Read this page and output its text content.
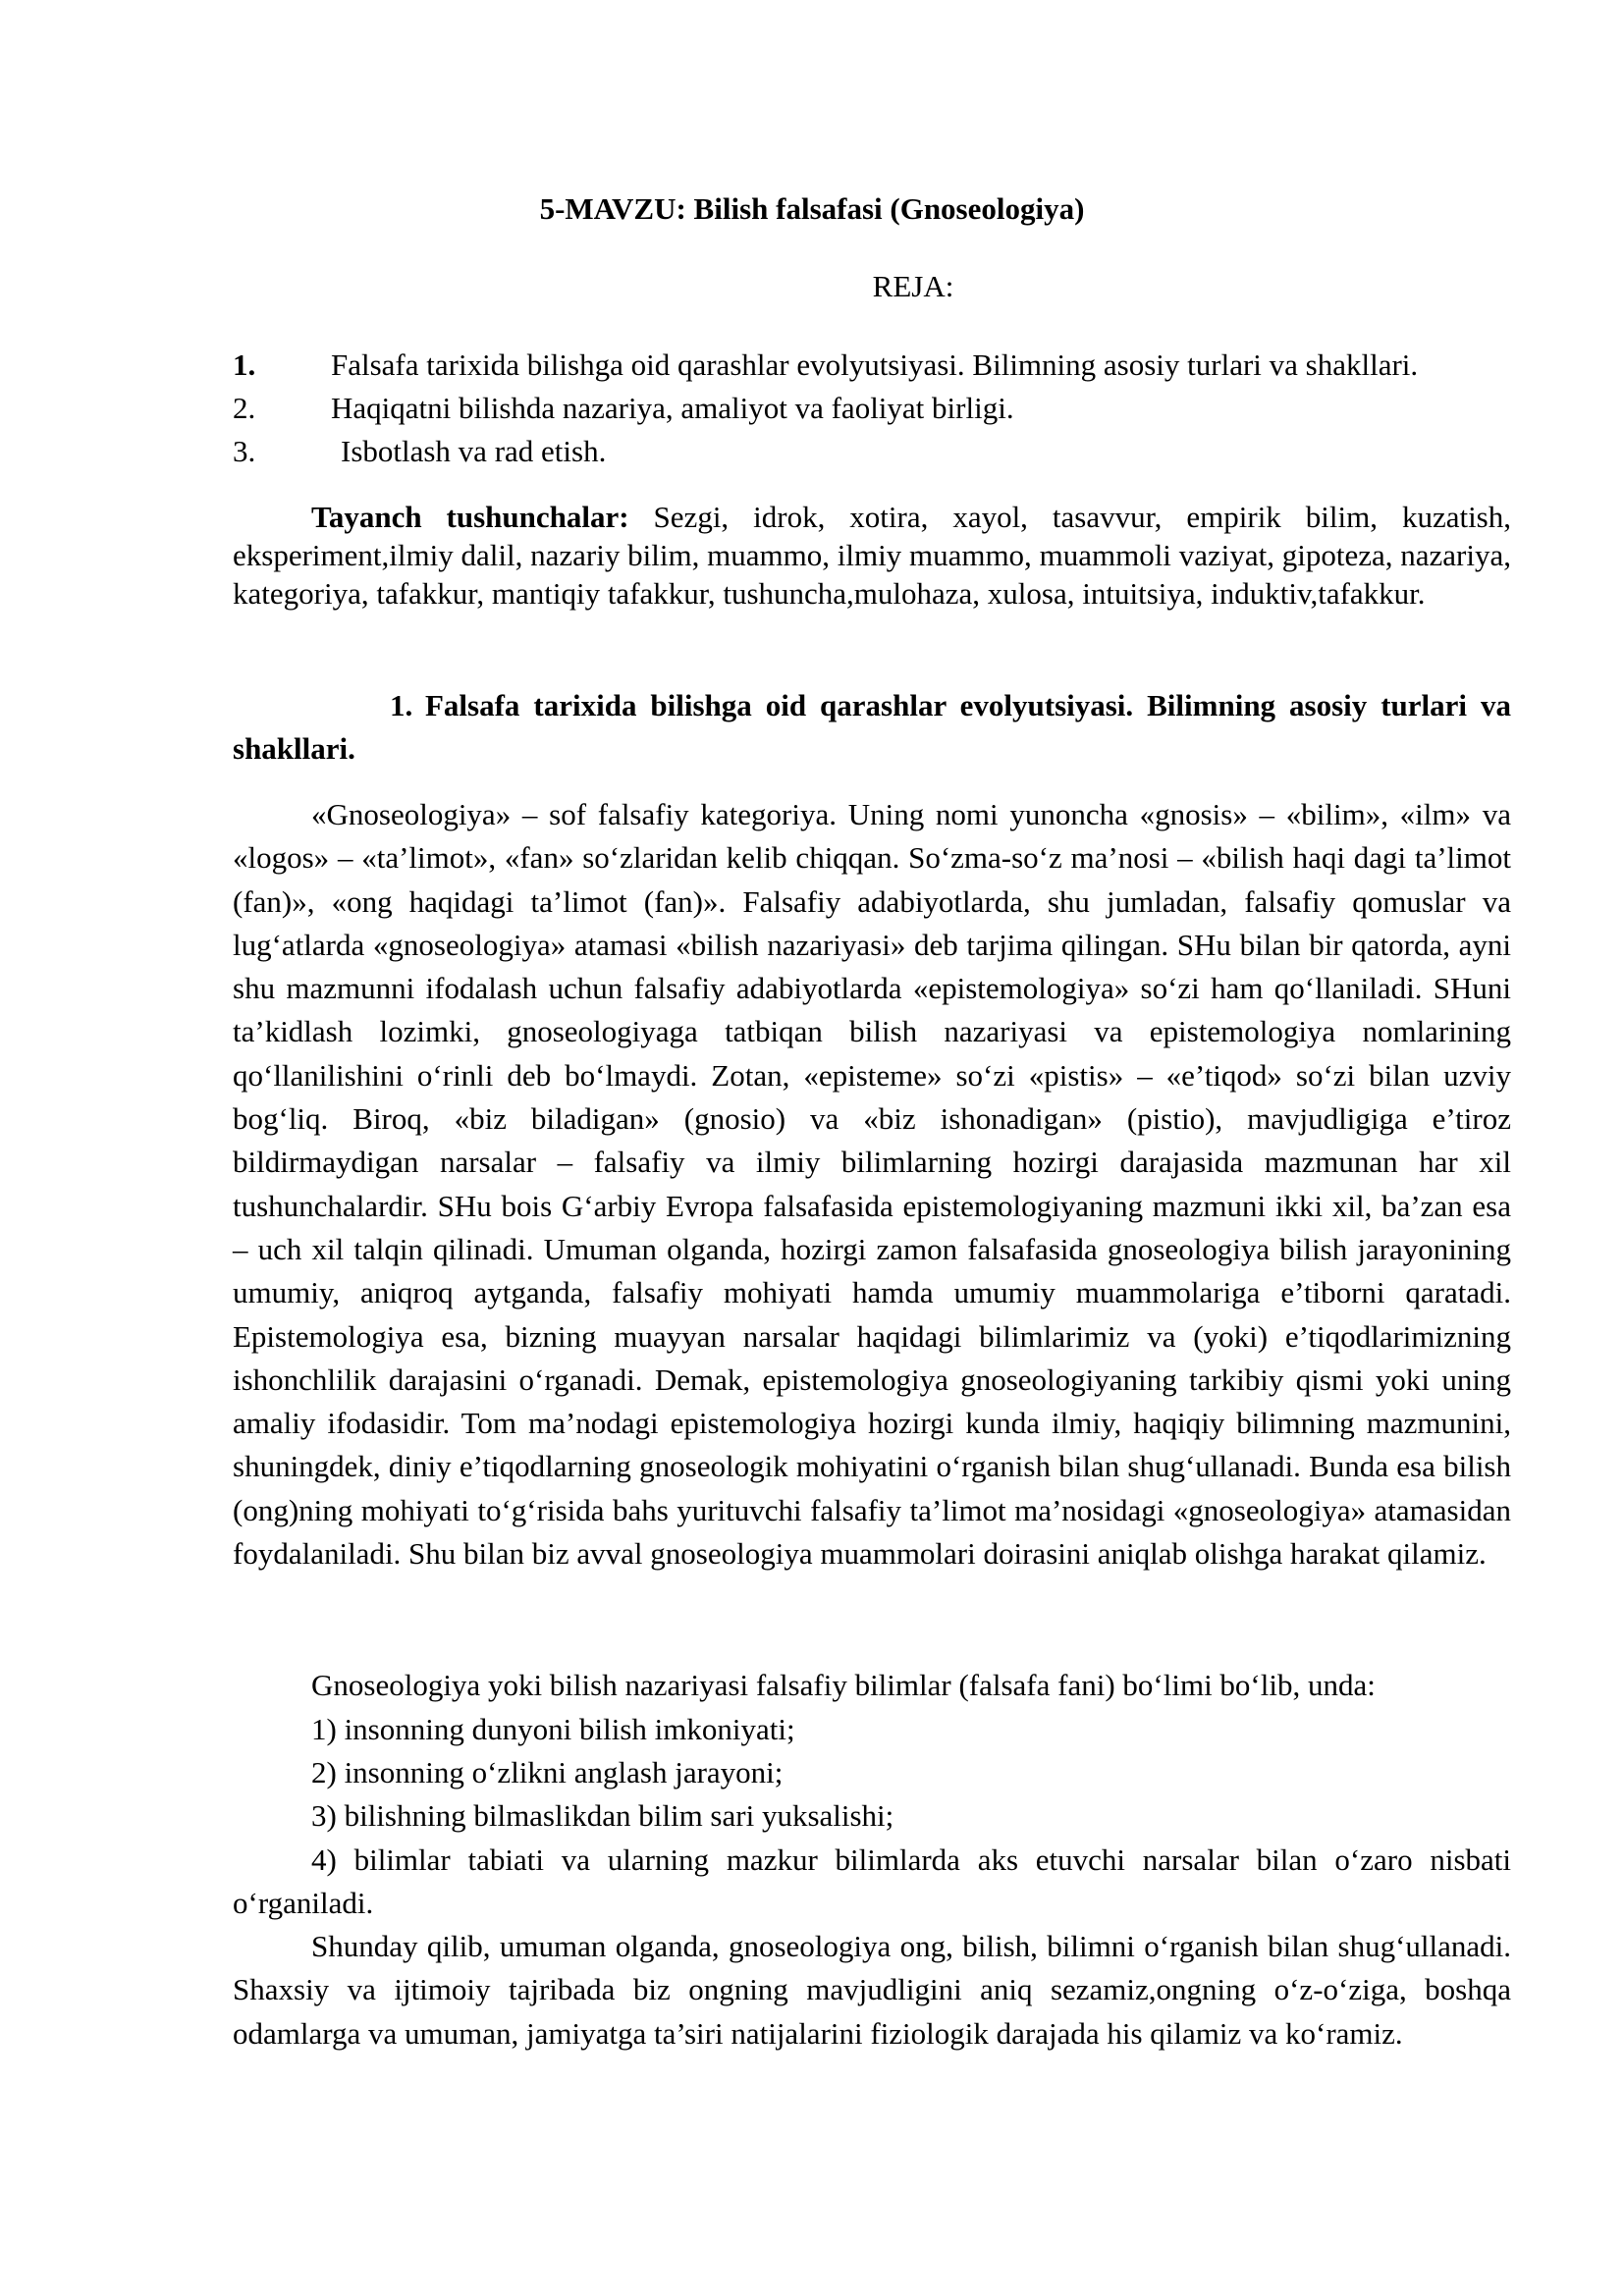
5-MAVZU: Bilish falsafasi (Gnoseologiya)

REJA:

1. Falsafa tarixida bilishga oid qarashlar evolyutsiyasi. Bilimning asosiy turlari va shakllari.
2. Haqiqatni bilishda nazariya, amaliyot va faoliyat birligi.
3.	Isbotlash va rad etish.

Tayanch tushunchalar: Sezgi, idrok, xotira, xayol, tasavvur, empirik bilim, kuzatish, eksperiment,ilmiy dalil, nazariy bilim, muammo, ilmiy muammo, muammoli vaziyat, gipoteza, nazariya, kategoriya, tafakkur, mantiqiy tafakkur, tushuncha,mulohaza, xulosa, intuitsiya, induktiv,tafakkur.

1. Falsafa tarixida bilishga oid qarashlar evolyutsiyasi. Bilimning asosiy turlari va shakllari.

«Gnoseologiya» – sof falsafiy kategoriya. Uning nomi yunoncha «gnosis» – «bilim», «ilm» va «logos» – «ta’limot», «fan» so‘zlaridan kelib chiqqan. So‘zma-so‘z ma’nosi – «bilish haqi dagi ta’limot (fan)», «ong haqidagi ta’limot (fan)». Falsafiy adabiyotlarda, shu jumladan, falsafiy qomuslar va lug‘atlarda «gnoseologiya» atamasi «bilish nazariyasi» deb tarjima qilingan. SHu bilan bir qatorda, ayni shu mazmunni ifodalash uchun falsafiy adabiyotlarda «epistemologiya» so‘zi ham qo‘llaniladi. SHuni ta’kidlash lozimki, gnoseologiyaga tatbiqan bilish nazariyasi va epistemologiya nomlarining qo‘llanilishini o‘rinli deb bo‘lmaydi. Zotan, «episteme» so‘zi «pistis» – «e’tiqod» so‘zi bilan uzviy bog‘liq. Biroq, «biz biladigan» (gnosio) va «biz ishonadigan» (pistio), mavjudligiga e’tiroz bildirmaydigan narsalar – falsafiy va ilmiy bilimlarning hozirgi darajasida mazmunan har xil tushunchalardir. SHu bois G‘arbiy Evropa falsafasida epistemologiyaning mazmuni ikki xil, ba’zan esa – uch xil talqin qilinadi. Umuman olganda, hozirgi zamon falsafasida gnoseologiya bilish jarayonining umumiy, aniqroq aytganda, falsafiy mohiyati hamda umumiy muammolariga e’tiborni qaratadi. Epistemologiya esa, bizning muayyan narsalar haqidagi bilimlarimiz va (yoki) e’tiqodlarimizning ishonchlilik darajasini o‘rganadi. Demak, epistemologiya gnoseologiyaning tarkibiy qismi yoki uning amaliy ifodasidir. Tom ma’nodagi epistemologiya hozirgi kunda ilmiy, haqiqiy bilimning mazmunini, shuningdek, diniy e’tiqodlarning gnoseologik mohiyatini o‘rganish bilan shug‘ullanadi. Bunda esa bilish (ong)ning mohiyati to‘g‘risida bahs yurituvchi falsafiy ta’limot ma’nosidagi «gnoseologiya» atamasidan foydalaniladi. Shu bilan biz avval gnoseologiya muammolari doirasini aniqlab olishga harakat qilamiz.

Gnoseologiya yoki bilish nazariyasi falsafiy bilimlar (falsafa fani) bo‘limi bo‘lib, unda:

1) insonning dunyoni bilish imkoniyati;

2) insonning o‘zlikni anglash jarayoni;

3) bilishning bilmaslikdan bilim sari yuksalishi;

4) bilimlar tabiati va ularning mazkur bilimlarda aks etuvchi narsalar bilan o‘zaro nisbati o‘rganiladi.

Shunday qilib, umuman olganda, gnoseologiya ong, bilish, bilimni o‘rganish bilan shug‘ullanadi. Shaxsiy va ijtimoiy tajribada biz ongning mavjudligini aniq sezamiz,ongning o‘z-o‘ziga, boshqa odamlarga va umuman, jamiyatga ta’siri natijalarini fiziologik darajada his qilamiz va ko‘ramiz.
